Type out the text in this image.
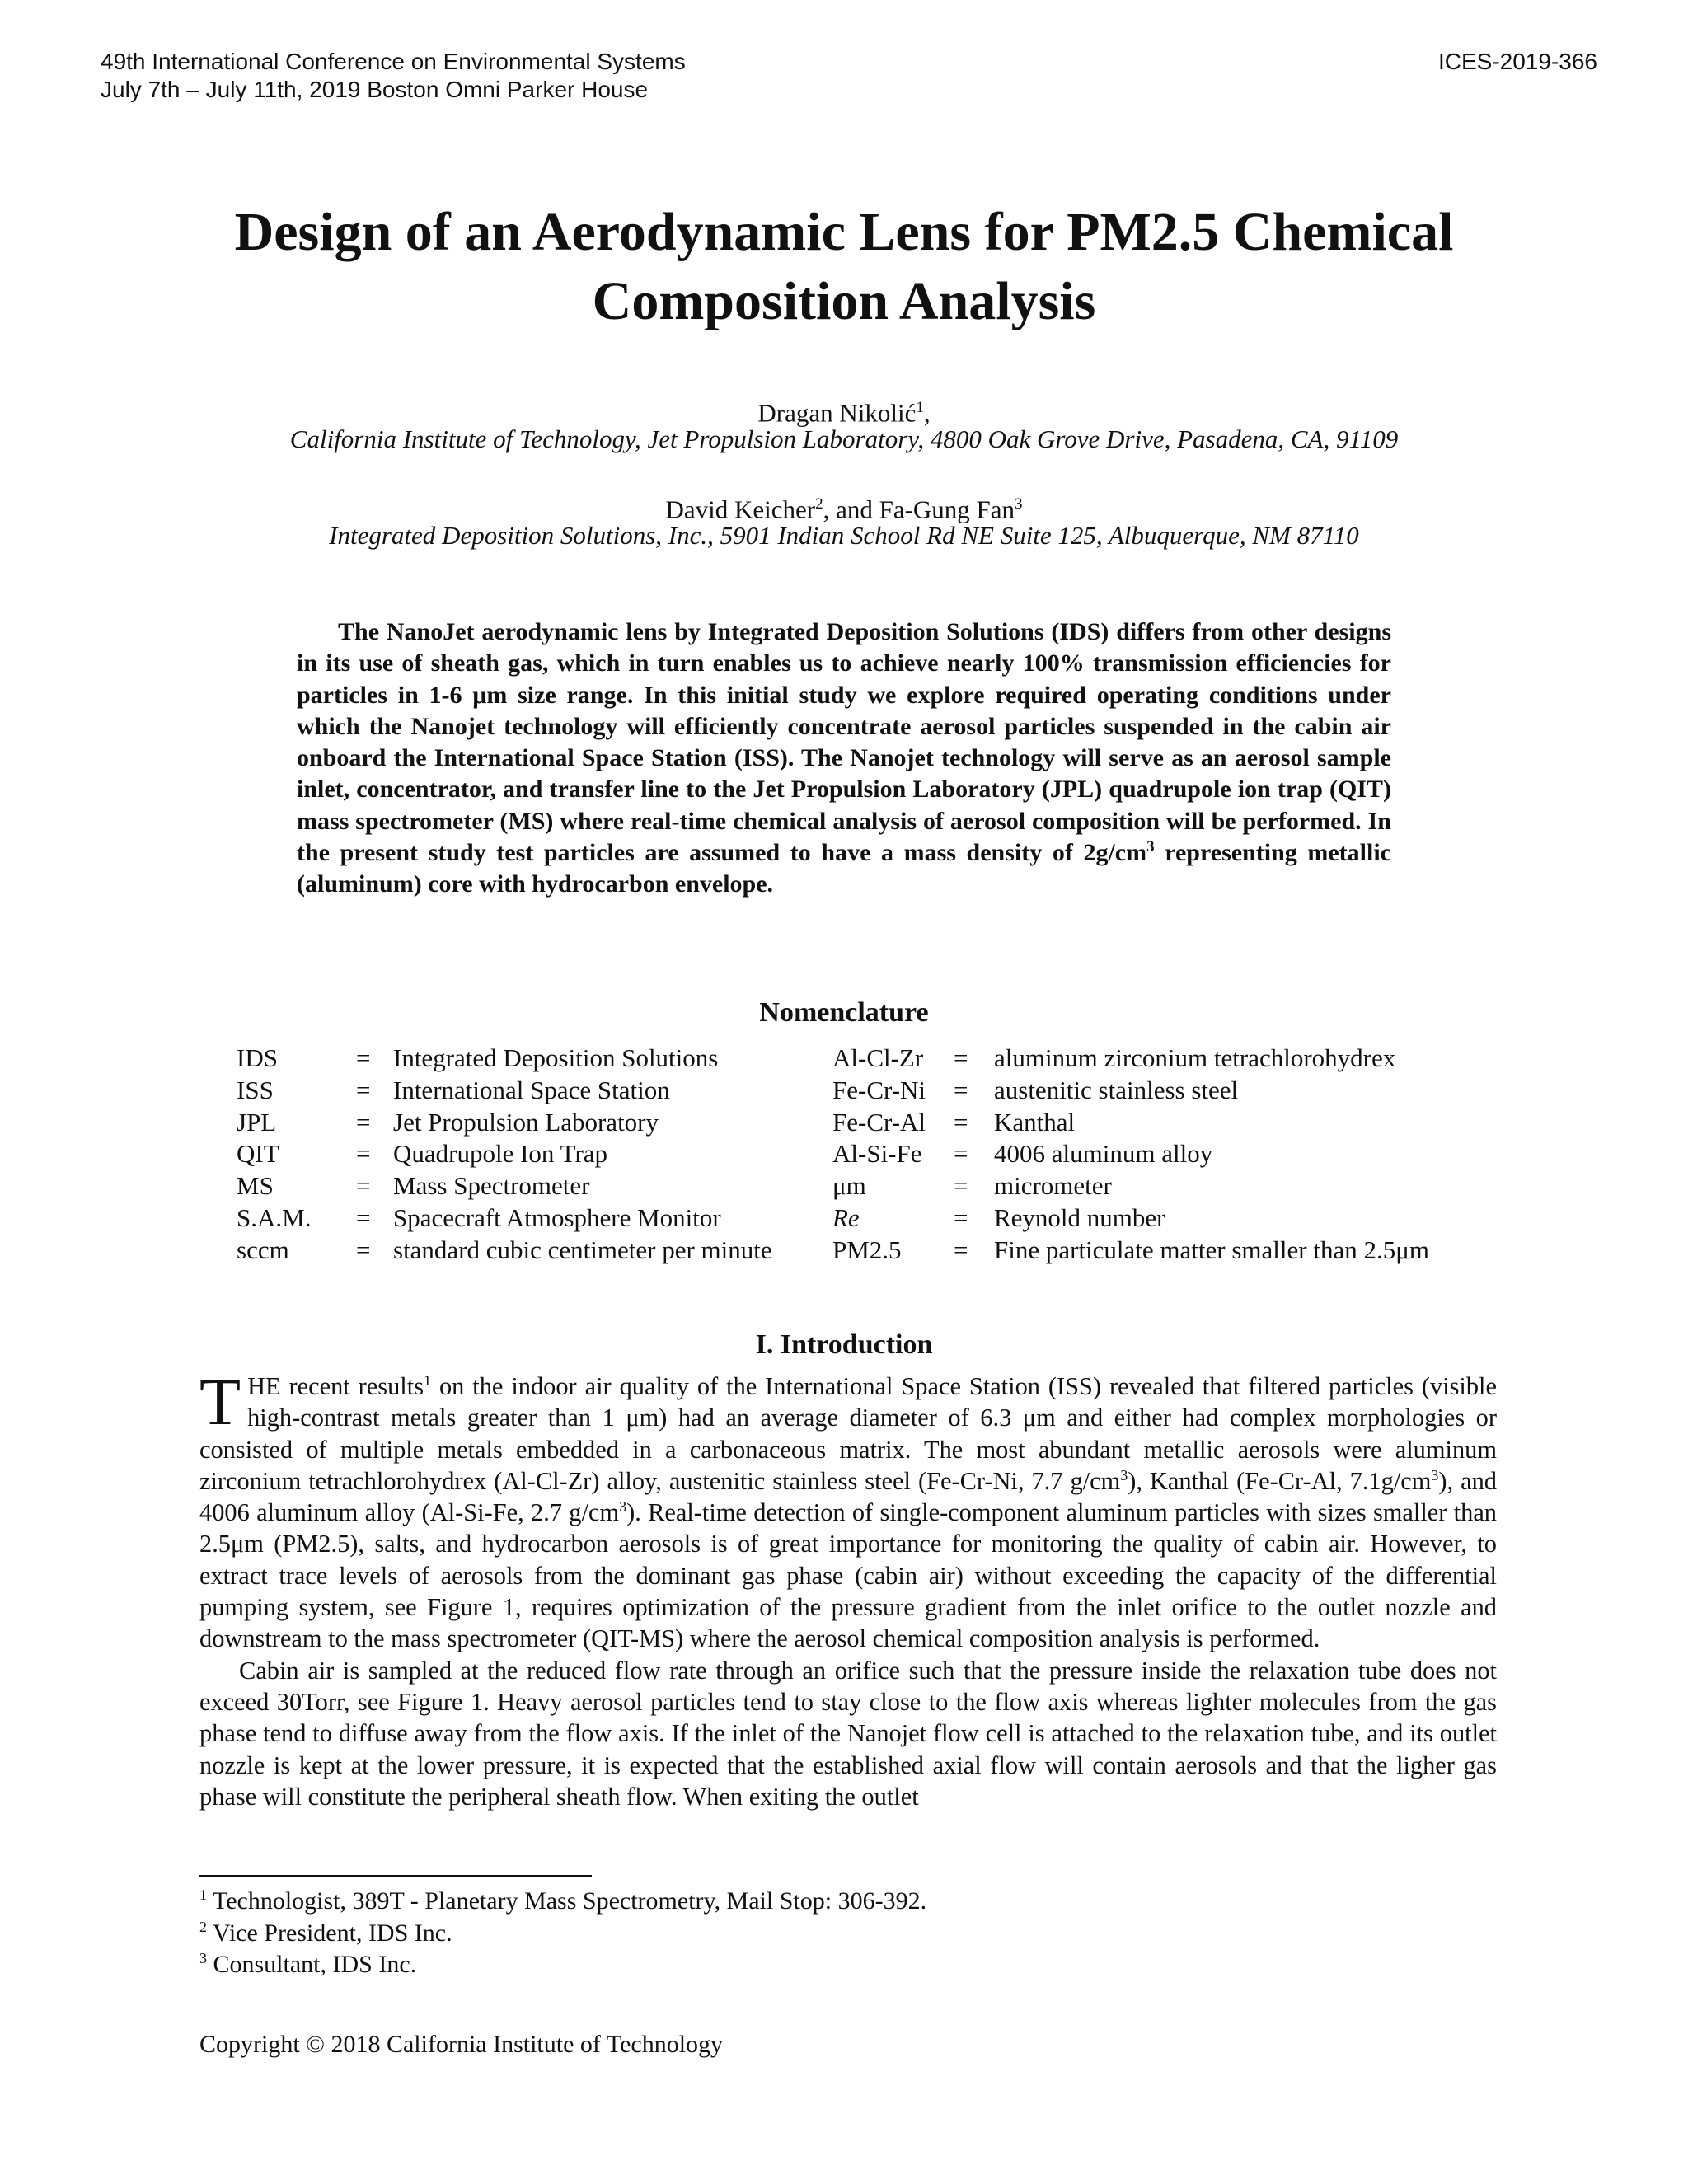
49th International Conference on Environmental Systems
July 7th – July 11th, 2019 Boston Omni Parker House
ICES-2019-366
Design of an Aerodynamic Lens for PM2.5 Chemical
Composition Analysis
Dragan Nikolić$^1$,
California Institute of Technology, Jet Propulsion Laboratory, 4800 Oak Grove Drive, Pasadena, CA, 91109
David Keicher$^2$, and Fa-Gung Fan$^3$
Integrated Deposition Solutions, Inc., 5901 Indian School Rd NE Suite 125, Albuquerque, NM 87110
The NanoJet aerodynamic lens by Integrated Deposition Solutions (IDS) differs from other designs in its use of sheath gas, which in turn enables us to achieve nearly 100% transmission efficiencies for particles in 1-6 μm size range. In this initial study we explore required operating conditions under which the Nanojet technology will efficiently concentrate aerosol particles suspended in the cabin air onboard the International Space Station (ISS). The Nanojet technology will serve as an aerosol sample inlet, concentrator, and transfer line to the Jet Propulsion Laboratory (JPL) quadrupole ion trap (QIT) mass spectrometer (MS) where real-time chemical analysis of aerosol composition will be performed. In the present study test particles are assumed to have a mass density of $2g/cm^3$ representing metallic (aluminum) core with hydrocarbon envelope.
Nomenclature
IDS	= Integrated Deposition Solutions
ISS	= International Space Station
JPL	= Jet Propulsion Laboratory
QIT	= Quadrupole Ion Trap
MS	= Mass Spectrometer
S.A.M. = Spacecraft Atmosphere Monitor
sccm	= standard cubic centimeter per minute
Al-Cl-Zr = aluminum zirconium tetrachlorohydrex
Fe-Cr-Ni = austenitic stainless steel
Fe-Cr-Al = Kanthal
Al-Si-Fe = 4006 aluminum alloy
μm	= micrometer
Re	= Reynold number
PM2.5 = Fine particulate matter smaller than 2.5μm
I. Introduction

THE recent results$^1$ on the indoor air quality of the International Space Station (ISS) revealed that filtered particles (visible high-contrast metals greater than 1 μm) had an average diameter of 6.3 μm and either had complex morphologies or consisted of multiple metals embedded in a carbonaceous matrix. The most abundant metallic aerosols were aluminum zirconium tetrachlorohydrex (Al-Cl-Zr) alloy, austenitic stainless steel (Fe-Cr-Ni, 7.7 $g/cm^3$), Kanthal (Fe-Cr-Al, $7.1g/cm^3$), and 4006 aluminum alloy (Al-Si-Fe, 2.7 $g/cm^3$). Real-time detection of single-component aluminum particles with sizes smaller than 2.5μm (PM2.5), salts, and hydrocarbon aerosols is of great importance for monitoring the quality of cabin air. However, to extract trace levels of aerosols from the dominant gas phase (cabin air) without exceeding the capacity of the differential pumping system, see Figure 1, requires optimization of the pressure gradient from the inlet orifice to the outlet nozzle and downstream to the mass spectrometer (QIT-MS) where the aerosol chemical composition analysis is performed.

Cabin air is sampled at the reduced flow rate through an orifice such that the pressure inside the relaxation tube does not exceed 30Torr, see Figure 1. Heavy aerosol particles tend to stay close to the flow axis whereas lighter molecules from the gas phase tend to diffuse away from the flow axis. If the inlet of the Nanojet flow cell is attached to the relaxation tube, and its outlet nozzle is kept at the lower pressure, it is expected that the established axial flow will contain aerosols and that the ligher gas phase will constitute the peripheral sheath flow. When exiting the outlet

$^1$ Technologist, 389T - Planetary Mass Spectrometry, Mail Stop: 306-392.
$^2$ Vice President, IDS Inc.
$^3$ Consultant, IDS Inc.
Copyright © 2018 California Institute of Technology
